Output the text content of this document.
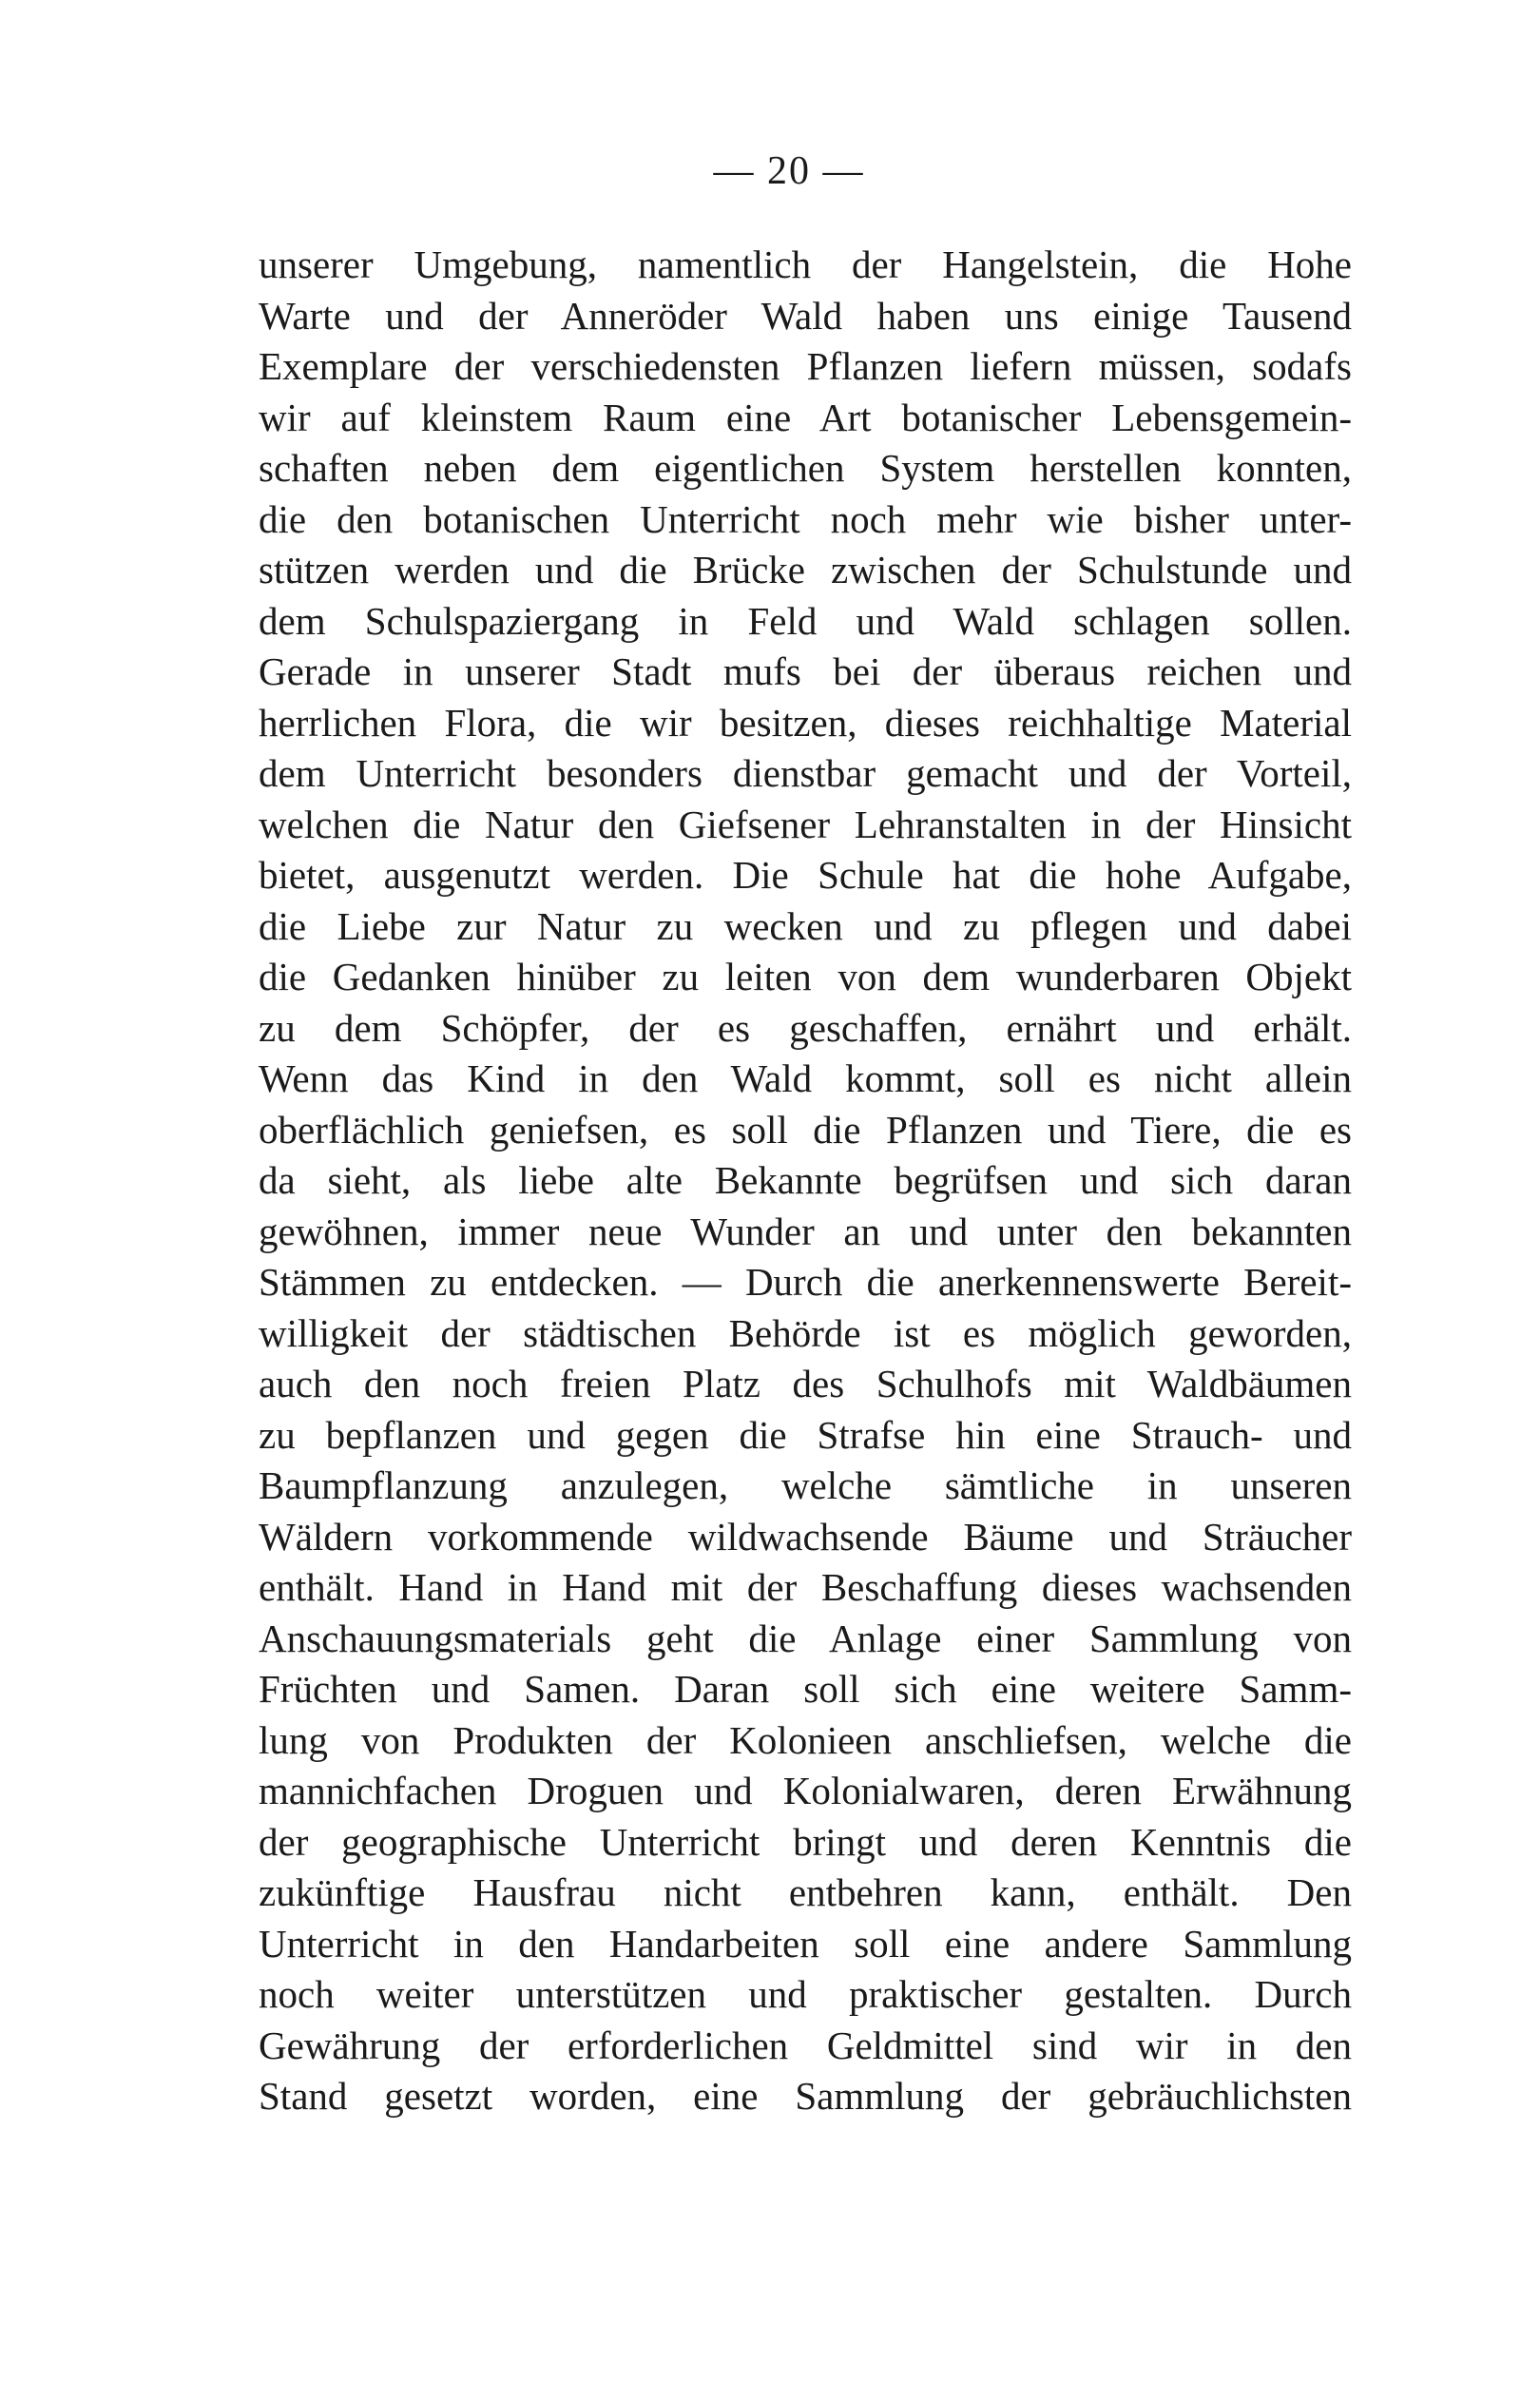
— 20 —
unserer Umgebung, namentlich der Hangelstein, die Hohe
Warte und der Anneröder Wald haben uns einige Tausend
Exemplare der verschiedensten Pflanzen liefern müssen, sodafs
wir auf kleinstem Raum eine Art botanischer Lebensgemein-
schaften neben dem eigentlichen System herstellen konnten,
die den botanischen Unterricht noch mehr wie bisher unter-
stützen werden und die Brücke zwischen der Schulstunde und
dem Schulspaziergang in Feld und Wald schlagen sollen.
Gerade in unserer Stadt mufs bei der überaus reichen und
herrlichen Flora, die wir besitzen, dieses reichhaltige Material
dem Unterricht besonders dienstbar gemacht und der Vorteil,
welchen die Natur den Giefsener Lehranstalten in der Hinsicht
bietet, ausgenutzt werden. Die Schule hat die hohe Aufgabe,
die Liebe zur Natur zu wecken und zu pflegen und dabei
die Gedanken hinüber zu leiten von dem wunderbaren Objekt
zu dem Schöpfer, der es geschaffen, ernährt und erhält.
Wenn das Kind in den Wald kommt, soll es nicht allein
oberflächlich geniefsen, es soll die Pflanzen und Tiere, die es
da sieht, als liebe alte Bekannte begrüfsen und sich daran
gewöhnen, immer neue Wunder an und unter den bekannten
Stämmen zu entdecken. — Durch die anerkennenswerte Bereit-
willigkeit der städtischen Behörde ist es möglich geworden,
auch den noch freien Platz des Schulhofs mit Waldbäumen
zu bepflanzen und gegen die Strafse hin eine Strauch- und
Baumpflanzung anzulegen, welche sämtliche in unseren
Wäldern vorkommende wildwachsende Bäume und Sträucher
enthält. Hand in Hand mit der Beschaffung dieses wachsenden
Anschauungsmaterials geht die Anlage einer Sammlung von
Früchten und Samen. Daran soll sich eine weitere Samm-
lung von Produkten der Kolonieen anschliefsen, welche die
mannichfachen Droguen und Kolonialwaren, deren Erwähnung
der geographische Unterricht bringt und deren Kenntnis die
zukünftige Hausfrau nicht entbehren kann, enthält. Den
Unterricht in den Handarbeiten soll eine andere Sammlung
noch weiter unterstützen und praktischer gestalten. Durch
Gewährung der erforderlichen Geldmittel sind wir in den
Stand gesetzt worden, eine Sammlung der gebräuchlichsten
